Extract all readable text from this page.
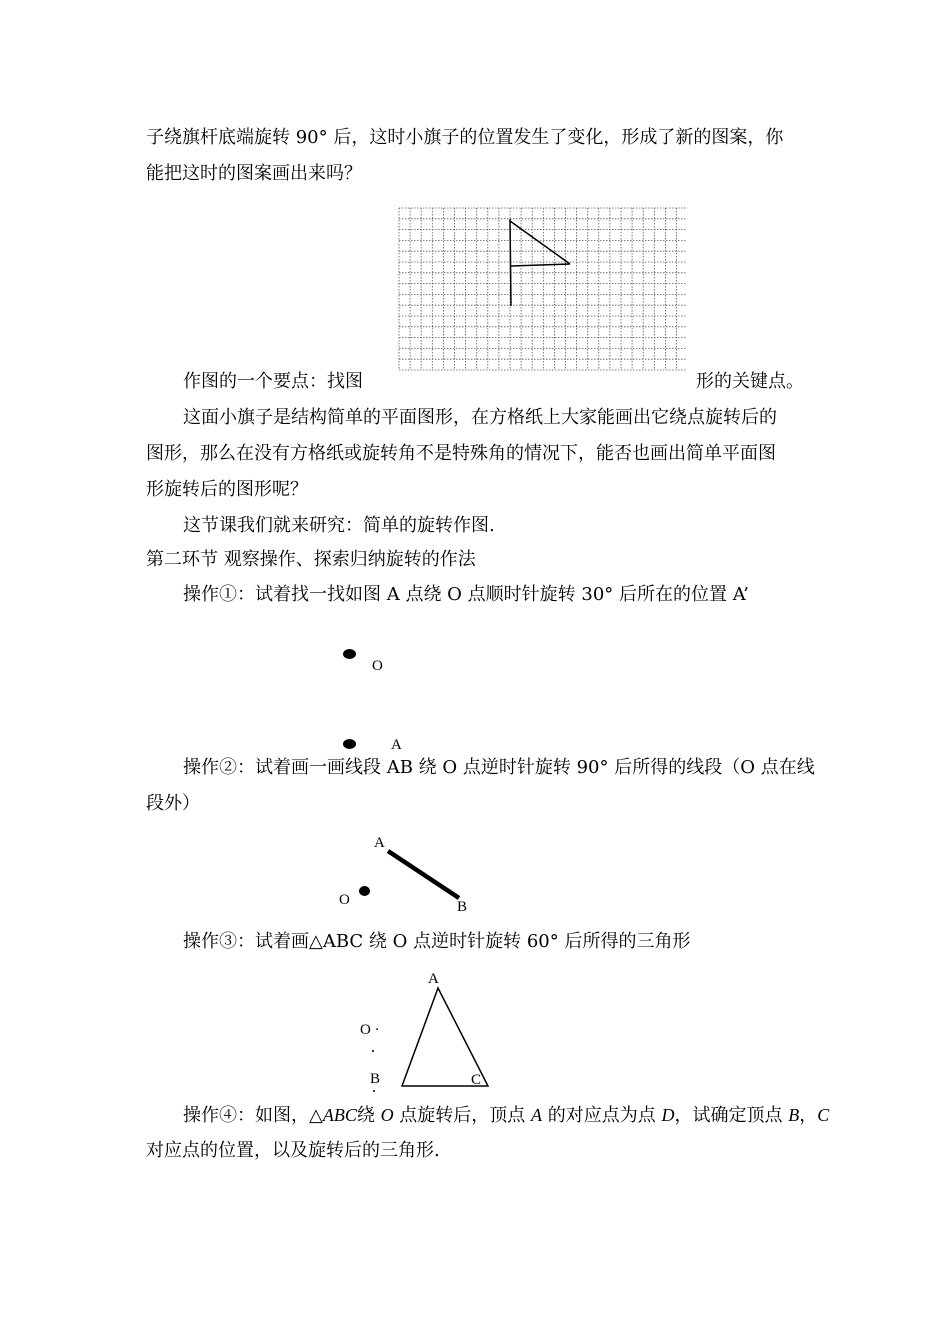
子绕旗杆底端旋转 90° 后，这时小旗子的位置发生了变化，形成了新的图案，你
能把这时的图案画出来吗？
作图的一个要点：找图	形的关键点。
这面小旗子是结构简单的平面图形，在方格纸上大家能画出它绕点旋转后的
图形，那么在没有方格纸或旋转角不是特殊角的情况下，能否也画出简单平面图
形旋转后的图形呢？
这节课我们就来研究：简单的旋转作图.
第二环节 观察操作、探索归纳旋转的作法
操作①：试着找一找如图 A 点绕 O 点顺时针旋转 30° 后所在的位置 A’
O
A
操作②：试着画一画线段 AB 绕 O 点逆时针旋转 90° 后所得的线段（O 点在线
段外）
A
O	B
操作③：试着画△ABC 绕 O 点逆时针旋转 60° 后所得的三角形
A
O ·
B	C
操作④：如图，△ABC绕 O 点旋转后，顶点 A 的对应点为点 D，试确定顶点 B，C
对应点的位置，以及旋转后的三角形.
